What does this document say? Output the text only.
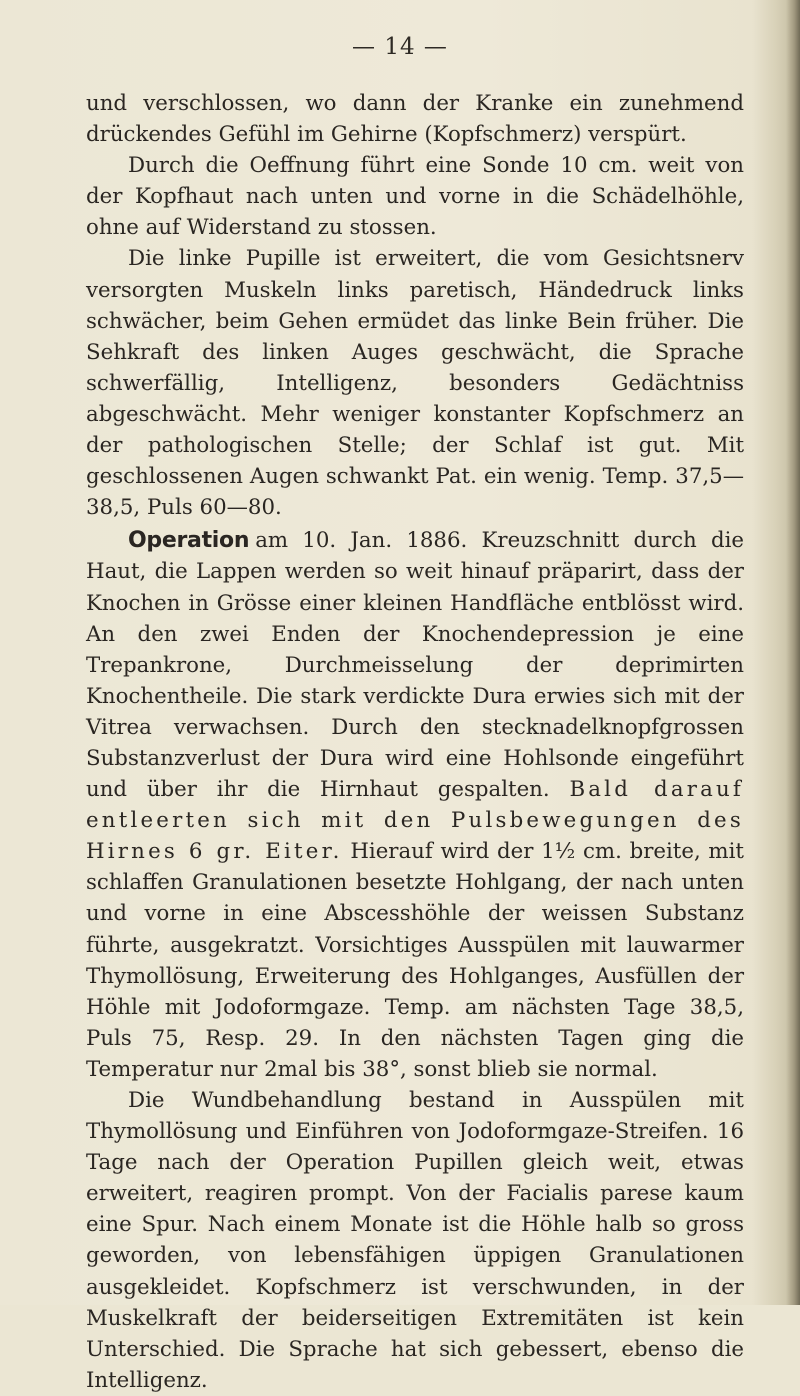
— 14 —

und verschlossen, wo dann der Kranke ein zunehmend drückendes Gefühl im Gehirne (Kopfschmerz) verspürt.

Durch die Oeffnung führt eine Sonde 10 cm. weit von der Kopfhaut nach unten und vorne in die Schädelhöhle, ohne auf Widerstand zu stossen.

Die linke Pupille ist erweitert, die vom Gesichtsnerv versorgten Muskeln links paretisch, Händedruck links schwächer, beim Gehen ermüdet das linke Bein früher. Die Sehkraft des linken Auges geschwächt, die Sprache schwerfällig, Intelligenz, besonders Gedächtniss abgeschwächt. Mehr weniger konstanter Kopfschmerz an der pathologischen Stelle; der Schlaf ist gut. Mit geschlossenen Augen schwankt Pat. ein wenig. Temp. 37,5—38,5, Puls 60—80.

Operation am 10. Jan. 1886. Kreuzschnitt durch die Haut, die Lappen werden so weit hinauf präparirt, dass der Knochen in Grösse einer kleinen Handfläche entblösst wird. An den zwei Enden der Knochendepression je eine Trepankrone, Durchmeisselung der deprimirten Knochentheile. Die stark verdickte Dura erwies sich mit der Vitrea verwachsen. Durch den stecknadelknopfgrossen Substanzverlust der Dura wird eine Hohlsonde eingeführt und über ihr die Hirnhaut gespalten. Bald darauf entleerten sich mit den Pulsbewegungen des Hirnes 6 gr. Eiter. Hierauf wird der 1½ cm. breite, mit schlaffen Granulationen besetzte Hohlgang, der nach unten und vorne in eine Abscesshöhle der weissen Substanz führte, ausgekratzt. Vorsichtiges Ausspülen mit lauwarmer Thymollösung, Erweiterung des Hohlganges, Ausfüllen der Höhle mit Jodoformgaze. Temp. am nächsten Tage 38,5, Puls 75, Resp. 29. In den nächsten Tagen ging die Temperatur nur 2mal bis 38°, sonst blieb sie normal.

Die Wundbehandlung bestand in Ausspülen mit Thymollösung und Einführen von Jodoformgaze-Streifen. 16 Tage nach der Operation Pupillen gleich weit, etwas erweitert, reagiren prompt. Von der Facialis parese kaum eine Spur. Nach einem Monate ist die Höhle halb so gross geworden, von lebensfähigen üppigen Granulationen ausgekleidet. Kopfschmerz ist verschwunden, in der Muskelkraft der beiderseitigen Extremitäten ist kein Unterschied. Die Sprache hat sich gebessert, ebenso die Intelligenz.
